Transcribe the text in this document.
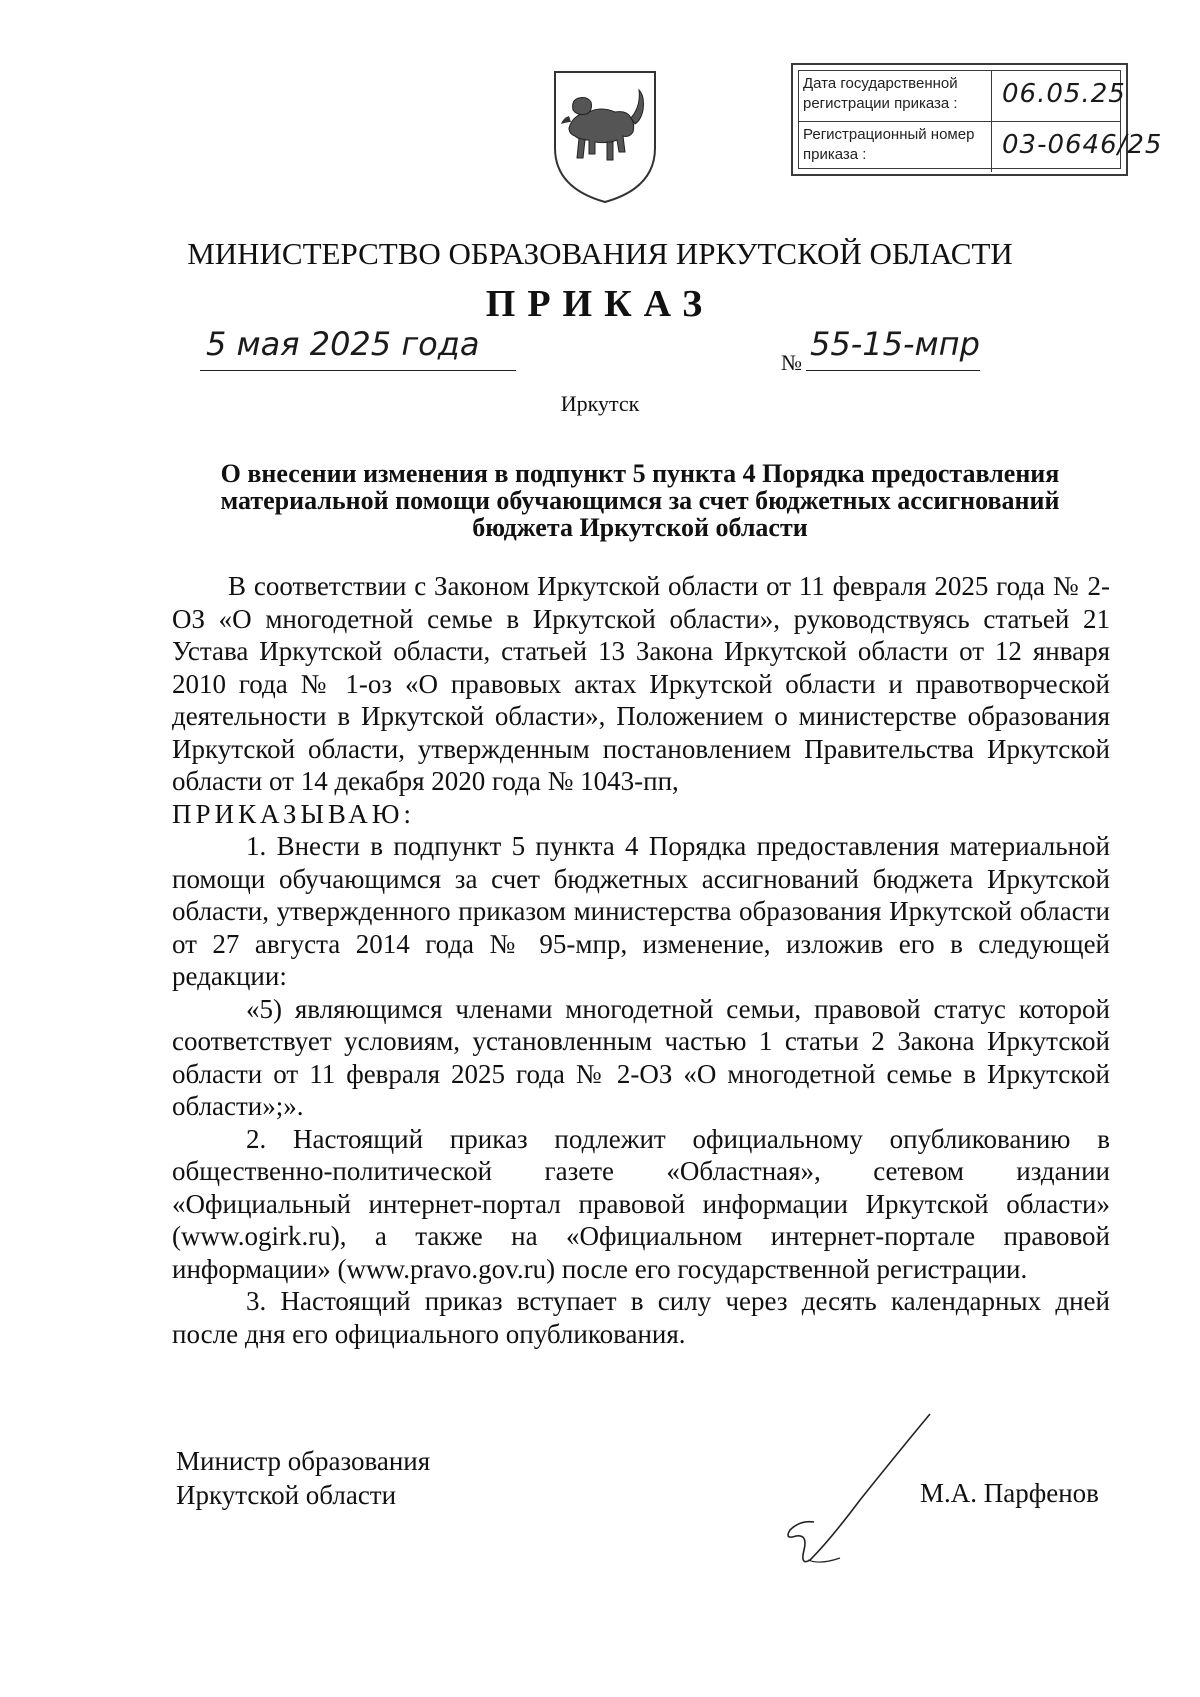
Дата государственной регистрации приказа :	06.05.25
Регистрационный номер приказа :	03-0646/25
МИНИСТЕРСТВО ОБРАЗОВАНИЯ ИРКУТСКОЙ ОБЛАСТИ
ПРИКАЗ
5 мая 2025 года	№ 55-15-мпр
Иркутск
О внесении изменения в подпункт 5 пункта 4 Порядка предоставления материальной помощи обучающимся за счет бюджетных ассигнований бюджета Иркутской области

В соответствии с Законом Иркутской области от 11 февраля 2025 года № 2-ОЗ «О многодетной семье в Иркутской области», руководствуясь статьей 21 Устава Иркутской области, статьей 13 Закона Иркутской области от 12 января 2010 года № 1-оз «О правовых актах Иркутской области и правотворческой деятельности в Иркутской области», Положением о министерстве образования Иркутской области, утвержденным постановлением Правительства Иркутской области от 14 декабря 2020 года № 1043-пп,

ПРИКАЗЫВАЮ:

1. Внести в подпункт 5 пункта 4 Порядка предоставления материальной помощи обучающимся за счет бюджетных ассигнований бюджета Иркутской области, утвержденного приказом министерства образования Иркутской области от 27 августа 2014 года № 95-мпр, изменение, изложив его в следующей редакции:

«5) являющимся членами многодетной семьи, правовой статус которой соответствует условиям, установленным частью 1 статьи 2 Закона Иркутской области от 11 февраля 2025 года № 2-ОЗ «О многодетной семье в Иркутской области»;».

2. Настоящий приказ подлежит официальному опубликованию в общественно-политической газете «Областная», сетевом издании «Официальный интернет-портал правовой информации Иркутской области» (www.ogirk.ru), а также на «Официальном интернет-портале правовой информации» (www.pravo.gov.ru) после его государственной регистрации.

3. Настоящий приказ вступает в силу через десять календарных дней после дня его официального опубликования.

Министр образования
Иркутской области	М.А. Парфенов
